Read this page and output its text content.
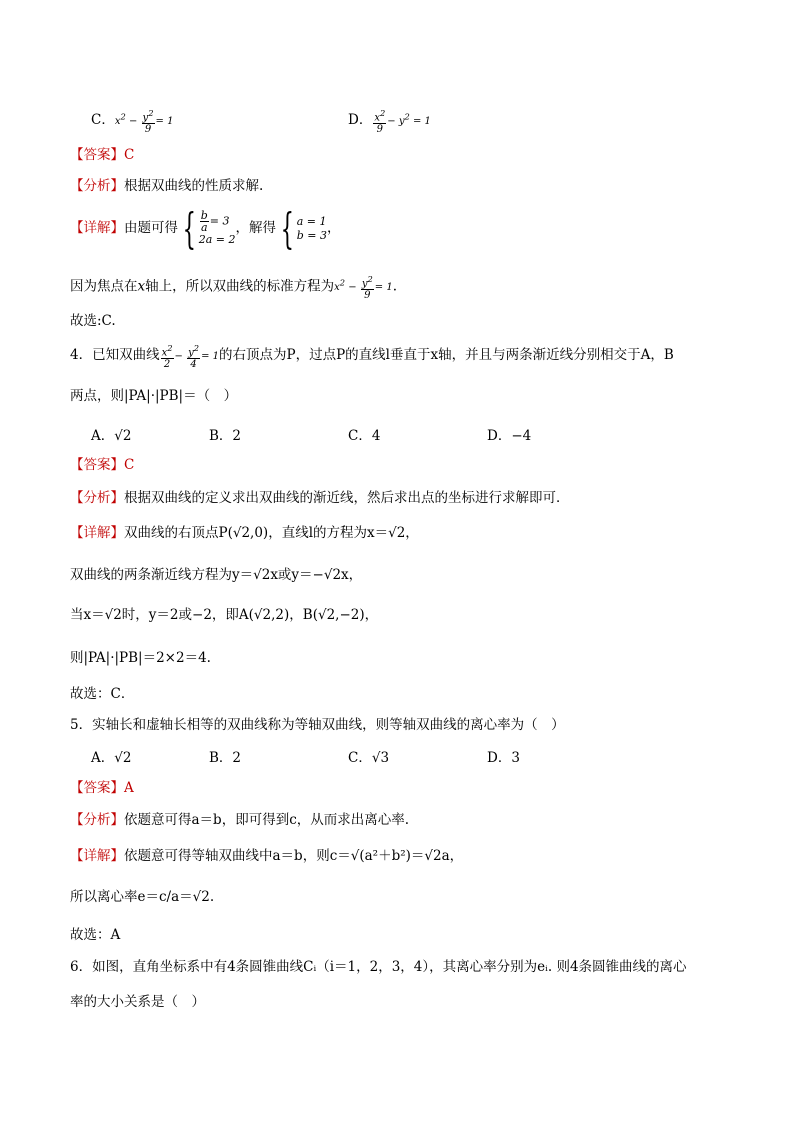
C．$x^2 - \frac{y^2}{9} = 1$	D． $\frac{x^2}{9} - y^2 = 1$
【答案】C
【分析】根据双曲线的性质求解.
【详解】由题可得 { $\frac{b}{a} = 3$
2a = 2，解得 { a = 1
b = 3，
因为焦点在x轴上，所以双曲线的标准方程为$x^2 - \frac{y^2}{9} = 1$.
故选:C.
4．已知双曲线 $\frac{x^2}{2} - \frac{y^2}{4} = 1$的右顶点为P，过点P的直线l垂直于x轴，并且与两条渐近线分别相交于A，B
两点，则|PA|·|PB|＝（　）
A．√2	B．2	C．4	D．−4
【答案】C
【分析】根据双曲线的定义求出双曲线的渐近线，然后求出点的坐标进行求解即可．
【详解】双曲线的右顶点P(√2,0)，直线l的方程为x＝√2，
双曲线的两条渐近线方程为y＝√2x或y＝−√2x，
当x＝√2时，y＝2或−2，即A(√2,2)，B(√2,−2)，
则|PA|·|PB|＝2×2＝4.
故选：C．
5．实轴长和虚轴长相等的双曲线称为等轴双曲线，则等轴双曲线的离心率为（　）
A．√2	B．2	C．√3	D．3
【答案】A
【分析】依题意可得a＝b，即可得到c，从而求出离心率.
【详解】依题意可得等轴双曲线中a＝b，则c＝√(a²＋b²)＝√2a，
所以离心率e＝c/a＝√2.
故选：A
6．如图，直角坐标系中有4条圆锥曲线Cᵢ（i＝1，2，3，4），其离心率分别为eᵢ. 则4条圆锥曲线的离心
率的大小关系是（　）
